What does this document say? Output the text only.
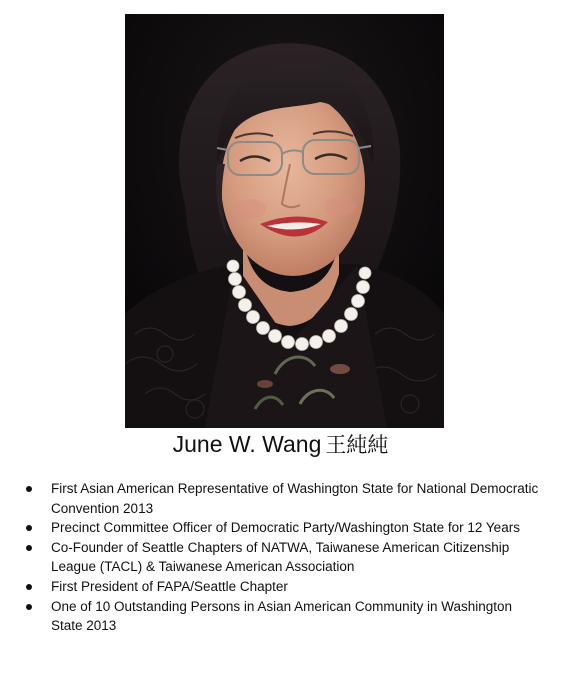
June W. Wang 王純純
First Asian American Representative of Washington State for National Democratic Convention 2013
Precinct Committee Officer of Democratic Party/Washington State for 12 Years
Co-Founder of Seattle Chapters of NATWA, Taiwanese American Citizenship League (TACL) & Taiwanese American Association
First President of FAPA/Seattle Chapter
One of 10 Outstanding Persons in Asian American Community in Washington State 2013
